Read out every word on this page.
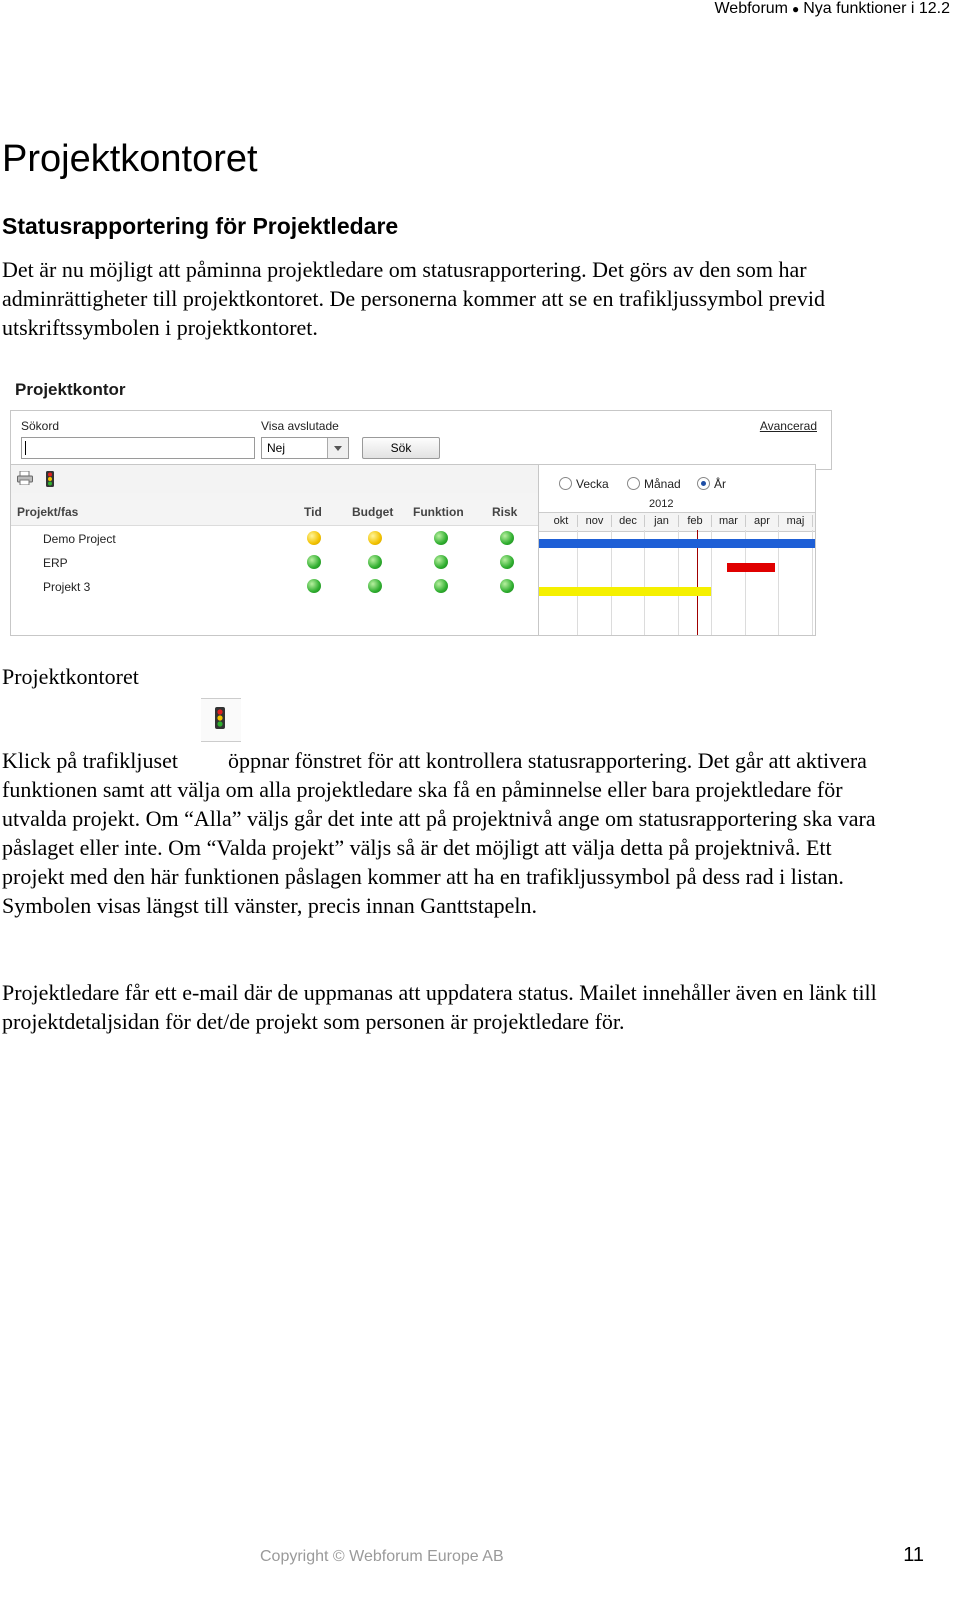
Webforum ● Nya funktioner i 12.2
Projektkontoret
Statusrapportering för Projektledare

Det är nu möjligt att påminna projektledare om statusrapportering. Det görs av den som har adminrättigheter till projektkontoret. De personerna kommer att se en trafikljussymbol previd utskriftssymbolen i projektkontoret.

Projektkontor
Sökord	Visa avslutade	Avancerad
Nej	Sök
Projekt/fas	Tid	Budget Funktion Risk
Demo Project
ERP
Projekt 3
Vecka	Månad	År
2012
okt	nov	dec	jan	feb	mar	apr	maj

Projektkontoret

Klick på trafikljuset öppnar fönstret för att kontrollera statusrapportering. Det går att aktivera funktionen samt att välja om alla projektledare ska få en påminnelse eller bara projektledare för utvalda projekt. Om “Alla” väljs går det inte att på projektnivå ange om statusrapportering ska vara påslaget eller inte. Om “Valda projekt” väljs så är det möjligt att välja detta på projektnivå. Ett projekt med den här funktionen påslagen kommer att ha en trafikljussymbol på dess rad i listan. Symbolen visas längst till vänster, precis innan Ganttstapeln.

Projektledare får ett e-mail där de uppmanas att uppdatera status. Mailet innehåller även en länk till projektdetaljsidan för det/de projekt som personen är projektledare för.

Copyright © Webforum Europe AB	11
